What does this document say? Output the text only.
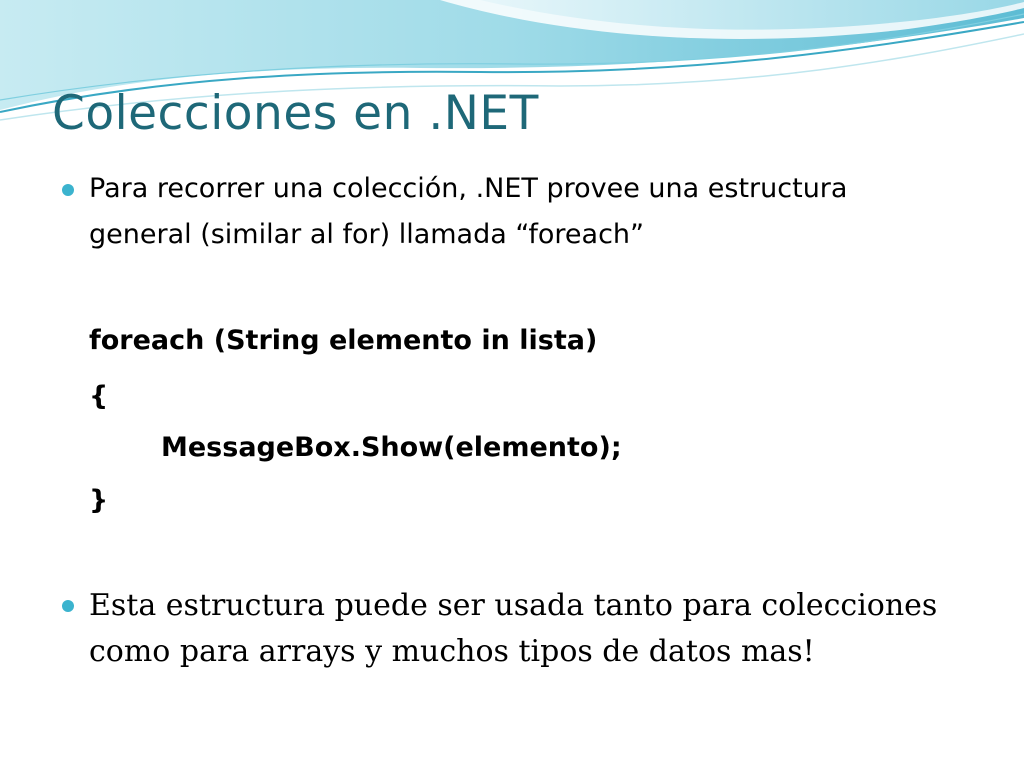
Colecciones en .NET

Para recorrer una colección, .NET provee una estructura

general (similar al for) llamada “foreach”

foreach (String elemento in lista)

{

MessageBox.Show(elemento);

}

Esta estructura puede ser usada tanto para colecciones

como para arrays y muchos tipos de datos mas!
